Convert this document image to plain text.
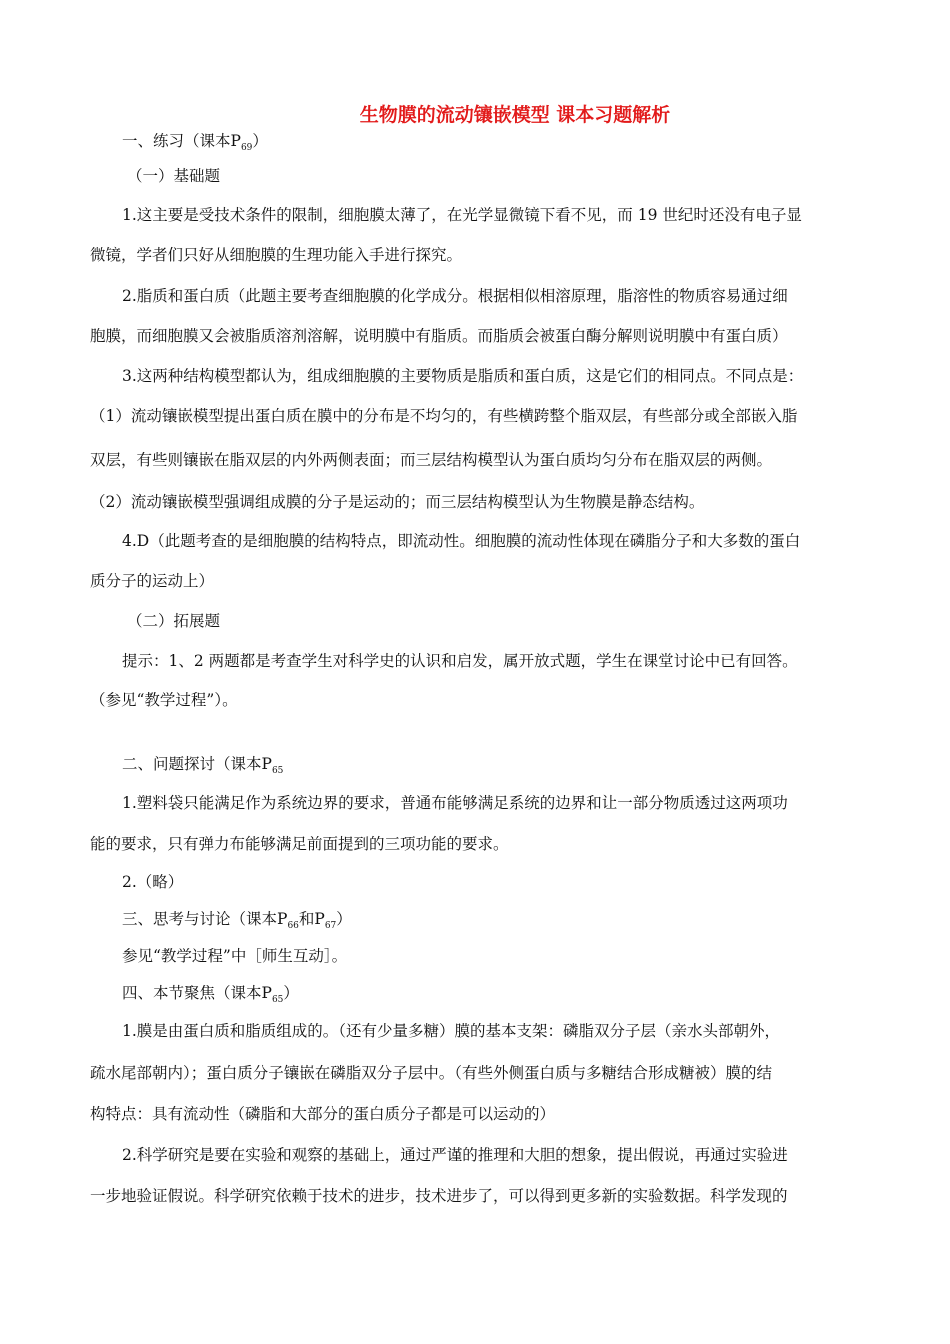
生物膜的流动镶嵌模型 课本习题解析
一、练习（课本$P_{69}$）
（一）基础题
1.这主要是受技术条件的限制，细胞膜太薄了，在光学显微镜下看不见，而 19 世纪时还没有电子显
微镜，学者们只好从细胞膜的生理功能入手进行探究。
2.脂质和蛋白质（此题主要考查细胞膜的化学成分。根据相似相溶原理，脂溶性的物质容易通过细
胞膜，而细胞膜又会被脂质溶剂溶解，说明膜中有脂质。而脂质会被蛋白酶分解则说明膜中有蛋白质）
3.这两种结构模型都认为，组成细胞膜的主要物质是脂质和蛋白质，这是它们的相同点。不同点是：
（1）流动镶嵌模型提出蛋白质在膜中的分布是不均匀的，有些横跨整个脂双层，有些部分或全部嵌入脂
双层，有些则镶嵌在脂双层的内外两侧表面；而三层结构模型认为蛋白质均匀分布在脂双层的两侧。
（2）流动镶嵌模型强调组成膜的分子是运动的；而三层结构模型认为生物膜是静态结构。
4.D（此题考查的是细胞膜的结构特点，即流动性。细胞膜的流动性体现在磷脂分子和大多数的蛋白
质分子的运动上）
（二）拓展题
提示：1、2 两题都是考查学生对科学史的认识和启发，属开放式题，学生在课堂讨论中已有回答。
（参见“教学过程”）。
二、问题探讨（课本$P_{65}$
1.塑料袋只能满足作为系统边界的要求，普通布能够满足系统的边界和让一部分物质透过这两项功
能的要求，只有弹力布能够满足前面提到的三项功能的要求。
2.（略）
三、思考与讨论（课本$P_{66}$和$P_{67}$）
参见“教学过程”中［师生互动］。
四、本节聚焦（课本$P_{65}$）
1.膜是由蛋白质和脂质组成的。（还有少量多糖）膜的基本支架：磷脂双分子层（亲水头部朝外，
疏水尾部朝内）；蛋白质分子镶嵌在磷脂双分子层中。（有些外侧蛋白质与多糖结合形成糖被）膜的结
构特点：具有流动性（磷脂和大部分的蛋白质分子都是可以运动的）
2.科学研究是要在实验和观察的基础上，通过严谨的推理和大胆的想象，提出假说，再通过实验进
一步地验证假说。科学研究依赖于技术的进步，技术进步了，可以得到更多新的实验数据。科学发现的
